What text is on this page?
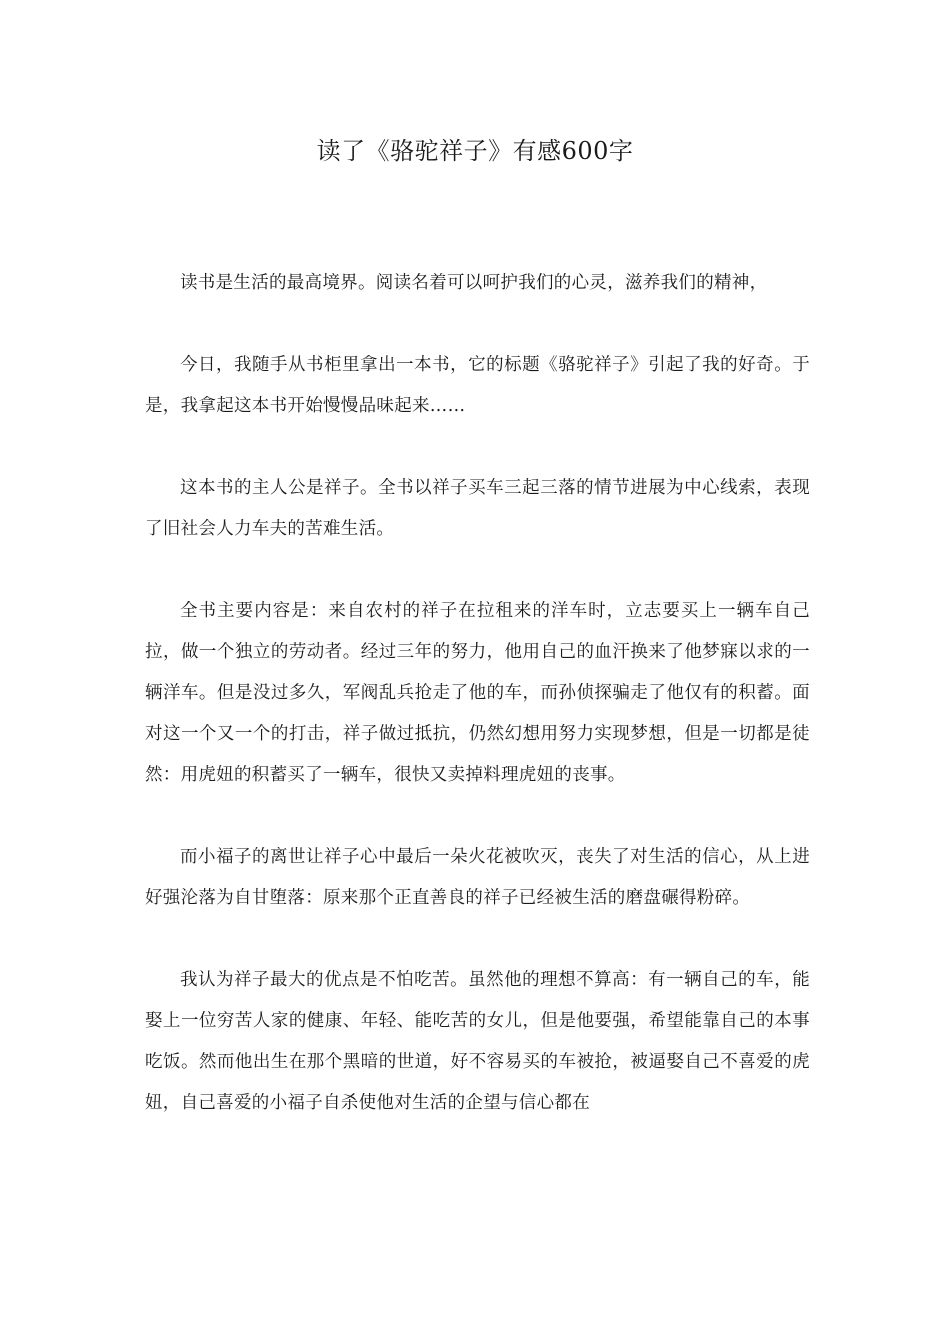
读了《骆驼祥子》有感600字

读书是生活的最高境界。阅读名着可以呵护我们的心灵，滋养我们的精神，

今日，我随手从书柜里拿出一本书，它的标题《骆驼祥子》引起了我的好奇。于是，我拿起这本书开始慢慢品味起来……

这本书的主人公是祥子。全书以祥子买车三起三落的情节进展为中心线索，表现了旧社会人力车夫的苦难生活。

全书主要内容是：来自农村的祥子在拉租来的洋车时，立志要买上一辆车自己拉，做一个独立的劳动者。经过三年的努力，他用自己的血汗换来了他梦寐以求的一辆洋车。但是没过多久，军阀乱兵抢走了他的车，而孙侦探骗走了他仅有的积蓄。面对这一个又一个的打击，祥子做过抵抗，仍然幻想用努力实现梦想，但是一切都是徒然：用虎妞的积蓄买了一辆车，很快又卖掉料理虎妞的丧事。

而小福子的离世让祥子心中最后一朵火花被吹灭，丧失了对生活的信心，从上进好强沦落为自甘堕落：原来那个正直善良的祥子已经被生活的磨盘碾得粉碎。

我认为祥子最大的优点是不怕吃苦。虽然他的理想不算高：有一辆自己的车，能娶上一位穷苦人家的健康、年轻、能吃苦的女儿，但是他要强，希望能靠自己的本事吃饭。然而他出生在那个黑暗的世道，好不容易买的车被抢，被逼娶自己不喜爱的虎妞，自己喜爱的小福子自杀使他对生活的企望与信心都在
